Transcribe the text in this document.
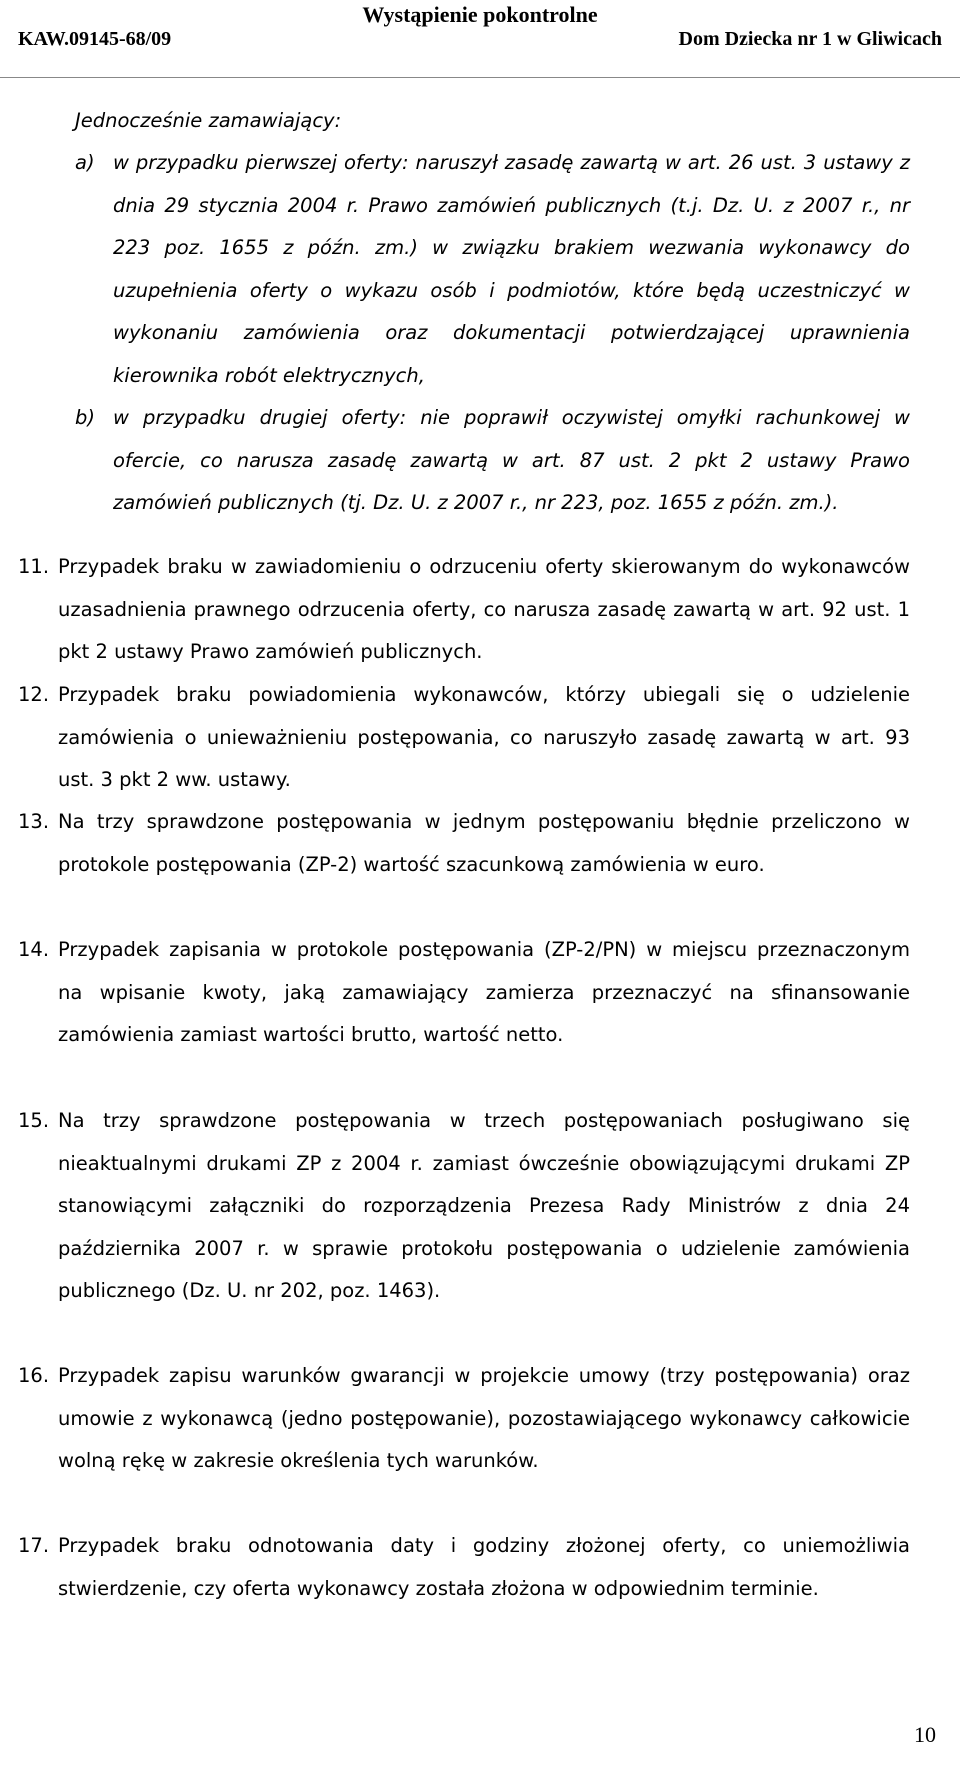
Wystąpienie pokontrolne
KAW.09145-68/09	Dom Dziecka nr 1 w Gliwicach

Jednocześnie zamawiający:

a) w przypadku pierwszej oferty: naruszył zasadę zawartą w art. 26 ust. 3 ustawy z dnia 29 stycznia 2004 r. Prawo zamówień publicznych (t.j. Dz. U. z 2007 r., nr 223 poz. 1655 z późn. zm.) w związku brakiem wezwania wykonawcy do uzupełnienia oferty o wykazu osób i podmiotów, które będą uczestniczyć w wykonaniu zamówienia oraz dokumentacji potwierdzającej uprawnienia kierownika robót elektrycznych,

b) w przypadku drugiej oferty: nie poprawił oczywistej omyłki rachunkowej w ofercie, co narusza zasadę zawartą w art. 87 ust. 2 pkt 2 ustawy Prawo zamówień publicznych (tj. Dz. U. z 2007 r., nr 223, poz. 1655 z późn. zm.).

11. Przypadek braku w zawiadomieniu o odrzuceniu oferty skierowanym do wykonawców uzasadnienia prawnego odrzucenia oferty, co narusza zasadę zawartą w art. 92 ust. 1 pkt 2 ustawy Prawo zamówień publicznych.

12. Przypadek braku powiadomienia wykonawców, którzy ubiegali się o udzielenie zamówienia o unieważnieniu postępowania, co naruszyło zasadę zawartą w art. 93 ust. 3 pkt 2 ww. ustawy.

13. Na trzy sprawdzone postępowania w jednym postępowaniu błędnie przeliczono w protokole postępowania (ZP-2) wartość szacunkową zamówienia w euro.

14. Przypadek zapisania w protokole postępowania (ZP-2/PN) w miejscu przeznaczonym na wpisanie kwoty, jaką zamawiający zamierza przeznaczyć na sfinansowanie zamówienia zamiast wartości brutto, wartość netto.

15. Na trzy sprawdzone postępowania w trzech postępowaniach posługiwano się nieaktualnymi drukami ZP z 2004 r. zamiast ówcześnie obowiązującymi drukami ZP stanowiącymi załączniki do rozporządzenia Prezesa Rady Ministrów z dnia 24 października 2007 r. w sprawie protokołu postępowania o udzielenie zamówienia publicznego (Dz. U. nr 202, poz. 1463).

16. Przypadek zapisu warunków gwarancji w projekcie umowy (trzy postępowania) oraz umowie z wykonawcą (jedno postępowanie), pozostawiającego wykonawcy całkowicie wolną rękę w zakresie określenia tych warunków.

17. Przypadek braku odnotowania daty i godziny złożonej oferty, co uniemożliwia stwierdzenie, czy oferta wykonawcy została złożona w odpowiednim terminie.

10
